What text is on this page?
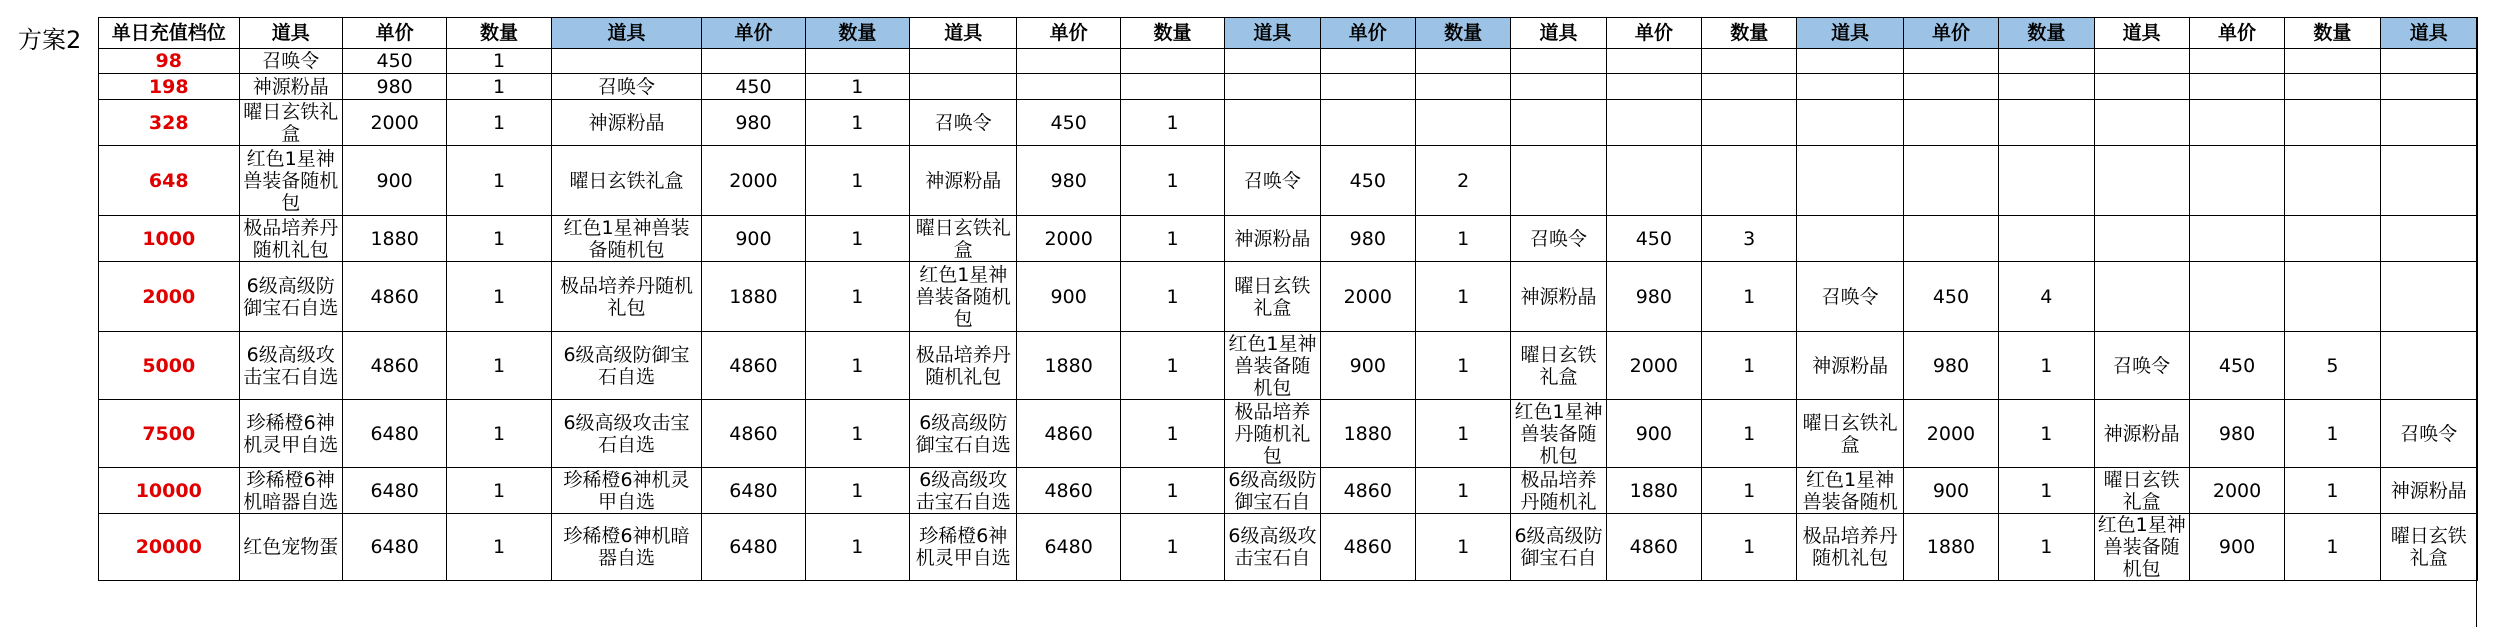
方案2 单日充值档位	道具	单价	数量	道具	单价	数量	道具	单价	数量	道具	单价	数量	道具	单价	数量	道具	单价	数量	道具	单价	数量	道具
98	召唤令	450	1																			
198	神源粉晶	980	1	召唤令	450	1																
328	曜日玄铁礼盒	2000	1	神源粉晶	980	1	召唤令	450	1													
648	红色1星神兽装备随机包	900	1	曜日玄铁礼盒	2000	1	神源粉晶	980	1	召唤令	450	2										
1000	极品培养丹随机礼包	1880	1	红色1星神兽装备随机包	900	1	曜日玄铁礼盒	2000	1	神源粉晶	980	1	召唤令	450	3							
2000	6级高级防御宝石自选	4860	1	极品培养丹随机礼包	1880	1	红色1星神兽装备随机包	900	1	曜日玄铁礼盒	2000	1	神源粉晶	980	1	召唤令	450	4				
5000	6级高级攻击宝石自选	4860	1	6级高级防御宝石自选	4860	1	极品培养丹随机礼包	1880	1	红色1星神兽装备随机包	900	1	曜日玄铁礼盒	2000	1	神源粉晶	980	1	召唤令	450	5	
7500	珍稀橙6神机灵甲自选	6480	1	6级高级攻击宝石自选	4860	1	6级高级防御宝石自选	4860	1	极品培养丹随机礼包	1880	1	红色1星神兽装备随机包	900	1	曜日玄铁礼盒	2000	1	神源粉晶	980	1	召唤令
10000	珍稀橙6神机暗器自选	6480	1	珍稀橙6神机灵甲自选	6480	1	6级高级攻击宝石自选	4860	1	6级高级防御宝石自	4860	1	极品培养丹随机礼	1880	1	红色1星神兽装备随机	900	1	曜日玄铁礼盒	2000	1	神源粉晶
20000	红色宠物蛋	6480	1	珍稀橙6神机暗器自选	6480	1	珍稀橙6神机灵甲自选	6480	1	6级高级攻击宝石自	4860	1	6级高级防御宝石自	4860	1	极品培养丹随机礼包	1880	1	红色1星神兽装备随机包	900	1	曜日玄铁礼盒
